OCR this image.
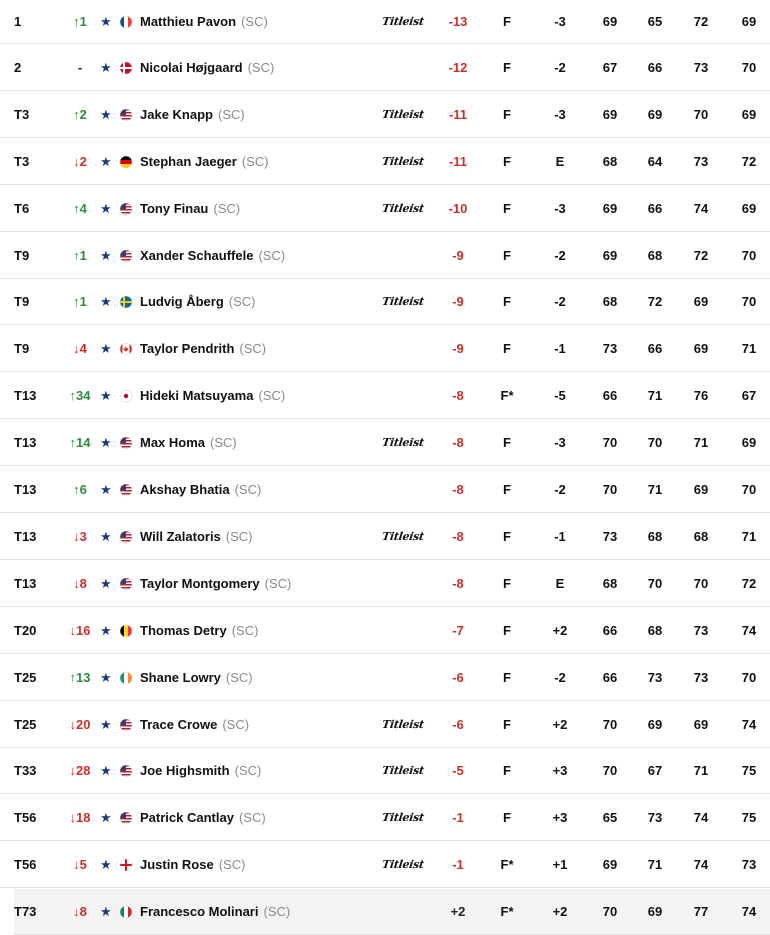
1	↑1	★ Matthieu Pavon (SC)	Titleist	-13	F	-3	69	65	72	69
2	-	★ Nicolai Højgaard (SC)	-12	F	-2	67	66	73	70
T3	↑2	★ Jake Knapp (SC)	Titleist	-11	F	-3	69	69	70	69
T3	↓2	★ Stephan Jaeger (SC)	Titleist	-11	F	E	68	64	73	72
T6	↑4	★ Tony Finau (SC)	Titleist	-10	F	-3	69	66	74	69
T9	↑1	★ Xander Schauffele (SC)	-9	F	-2	69	68	72	70
T9	↑1	★ Ludvig Åberg (SC)	Titleist	-9	F	-2	68	72	69	70
T9	↓4	★ Taylor Pendrith (SC)	-9	F	-1	73	66	69	71
T13	↑34 ★ Hideki Matsuyama (SC)	-8	F*	-5	66	71	76	67
T13	↑14 ★ Max Homa (SC)	Titleist	-8	F	-3	70	70	71	69
T13	↑6	★ Akshay Bhatia (SC)	-8	F	-2	70	71	69	70
T13	↓3	★ Will Zalatoris (SC)	Titleist	-8	F	-1	73	68	68	71
T13	↓8	★ Taylor Montgomery (SC)	-8	F	E	68	70	70	72
T20	↓16 ★ Thomas Detry (SC)	-7	F	+2	66	68	73	74
T25	↑13 ★ Shane Lowry (SC)	-6	F	-2	66	73	73	70
T25	↓20 ★ Trace Crowe (SC)	Titleist	-6	F	+2	70	69	69	74
T33	↓28 ★ Joe Highsmith (SC)	Titleist	-5	F	+3	70	67	71	75
T56	↓18 ★ Patrick Cantlay (SC)	Titleist	-1	F	+3	65	73	74	75
T56	↓5	★ Justin Rose (SC)	Titleist	-1	F*	+1	69	71	74	73
T73	↓8	★ Francesco Molinari (SC)	+2	F*	+2	70	69	77	74
